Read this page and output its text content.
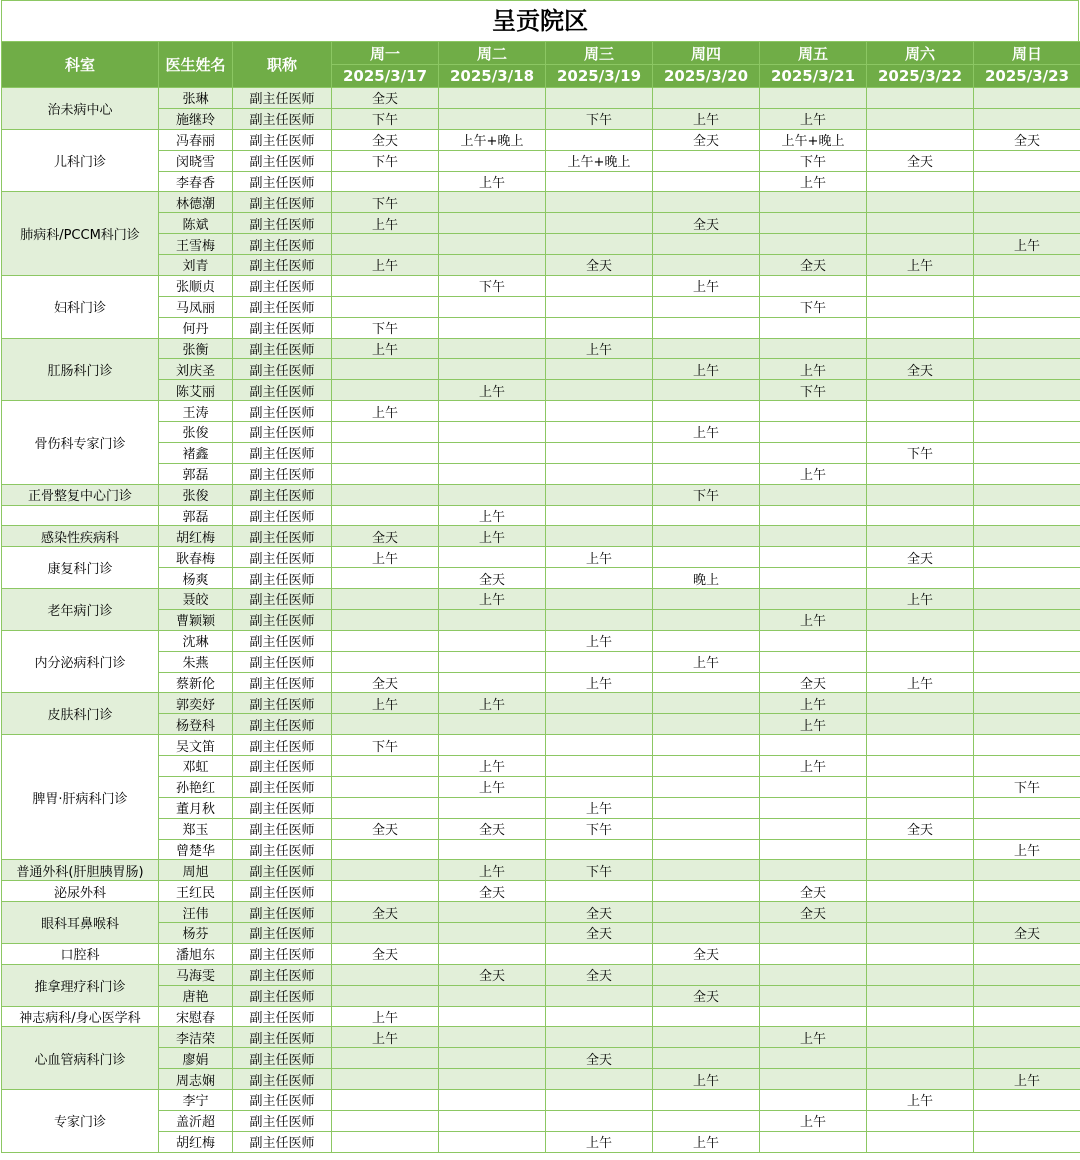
呈贡院区
科室	医生姓名	职称	周一	周二	周三	周四	周五	周六	周日
			2025/3/17	2025/3/18	2025/3/19	2025/3/20	2025/3/21	2025/3/22	2025/3/23
治未病中心	张琳	副主任医师	全天						
	施继玲	副主任医师	下午		下午	上午	上午		
儿科门诊	冯春丽	副主任医师	全天	上午+晚上		全天	上午+晚上		全天
	闵晓雪	副主任医师	下午		上午+晚上		下午	全天	
	李春香	副主任医师		上午			上午		
肺病科/PCCM科门诊	林德潮	副主任医师	下午						
	陈斌	副主任医师	上午			全天			
	王雪梅	副主任医师							上午
	刘青	副主任医师	上午		全天		全天	上午	
妇科门诊	张顺贞	副主任医师		下午		上午			
	马凤丽	副主任医师					下午		
	何丹	副主任医师	下午						
肛肠科门诊	张衡	副主任医师	上午		上午				
	刘庆圣	副主任医师				上午	上午	全天	
	陈艾丽	副主任医师		上午			下午		
骨伤科专家门诊	王涛	副主任医师	上午						
	张俊	副主任医师				上午			
	褚鑫	副主任医师						下午	
	郭磊	副主任医师					上午		
正骨整复中心门诊	张俊	副主任医师				下午			
	郭磊	副主任医师		上午					
感染性疾病科	胡红梅	副主任医师	全天	上午					
康复科门诊	耿春梅	副主任医师	上午		上午			全天	
	杨爽	副主任医师		全天		晚上			
老年病门诊	聂皎	副主任医师		上午				上午	
	曹颖颖	副主任医师					上午		
内分泌病科门诊	沈琳	副主任医师			上午				
	朱燕	副主任医师				上午			
	蔡新伦	副主任医师	全天		上午		全天	上午	
皮肤科门诊	郭奕妤	副主任医师	上午	上午			上午		
	杨登科	副主任医师					上午		
脾胃·肝病科门诊	吴文笛	副主任医师	下午						
	邓虹	副主任医师		上午			上午		
	孙艳红	副主任医师		上午					下午
	董月秋	副主任医师			上午				
	郑玉	副主任医师	全天	全天	下午			全天	
	曾楚华	副主任医师							上午
普通外科(肝胆胰胃肠)	周旭	副主任医师		上午	下午				
泌尿外科	王红民	副主任医师		全天			全天		
眼科耳鼻喉科	汪伟	副主任医师	全天		全天		全天		
	杨芬	副主任医师			全天				全天
口腔科	潘旭东	副主任医师	全天			全天			
推拿理疗科门诊	马海雯	副主任医师		全天	全天				
	唐艳	副主任医师				全天			
神志病科/身心医学科	宋慰春	副主任医师	上午						
心血管病科门诊	李洁荣	副主任医师	上午				上午		
	廖娟	副主任医师			全天				
	周志娴	副主任医师				上午			上午
专家门诊	李宁	副主任医师						上午	
	盖沂超	副主任医师					上午		
	胡红梅	副主任医师			上午	上午			
